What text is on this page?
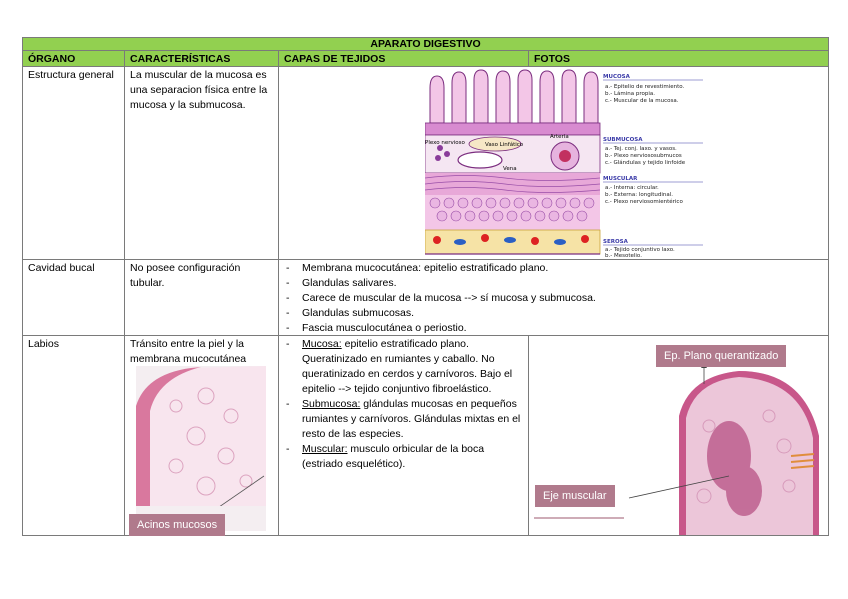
APARATO DIGESTIVO
ÓRGANO	CARACTERÍSTICAS	CAPAS DE TEJIDOS	FOTOS
Estructura general	La muscular de la mucosa es una separacion física entre la mucosa y la submucosa.
Vaso Linfático
Arteria
Vena
Plexo nervioso
MUCOSA
a.- Epitelio de revestimiento.
b.- Lámina propia.
c.- Muscular de la mucosa.
SUBMUCOSA
a.- Tej. conj. laxo. y vasos.
b.- Plexo nerviososubmucos
c.- Glándulas y tejido linfoide
MUSCULAR
a.- Interna: circular.
b.- Externa: longitudinal.
c.- Plexo nerviosomientérico
SEROSA
a.- Tejido conjuntivo laxo.
b.- Mesotelio.
Cavidad bucal	No posee configuración tubular.
- Membrana mucocutánea: epitelio estratificado plano.
- Glandulas salivares.
- Carece de muscular de la mucosa --> sí mucosa y submucosa.
- Glandulas submucosas.
- Fascia musculocutánea o periostio.
Labios	Tránsito entre la piel y la membrana mucocutánea
Acinos mucosos
- Mucosa: epitelio estratificado plano. Queratinizado en rumiantes y caballo. No queratinizado en cerdos y carnívoros. Bajo el epitelio --> tejido conjuntivo fibroelástico.
- Submucosa: glándulas mucosas en pequeños rumiantes y carnívoros. Glándulas mixtas en el resto de las especies.
- Muscular: musculo orbicular de la boca (estriado esquelético).
Ep. Plano querantizado
Eje muscular
